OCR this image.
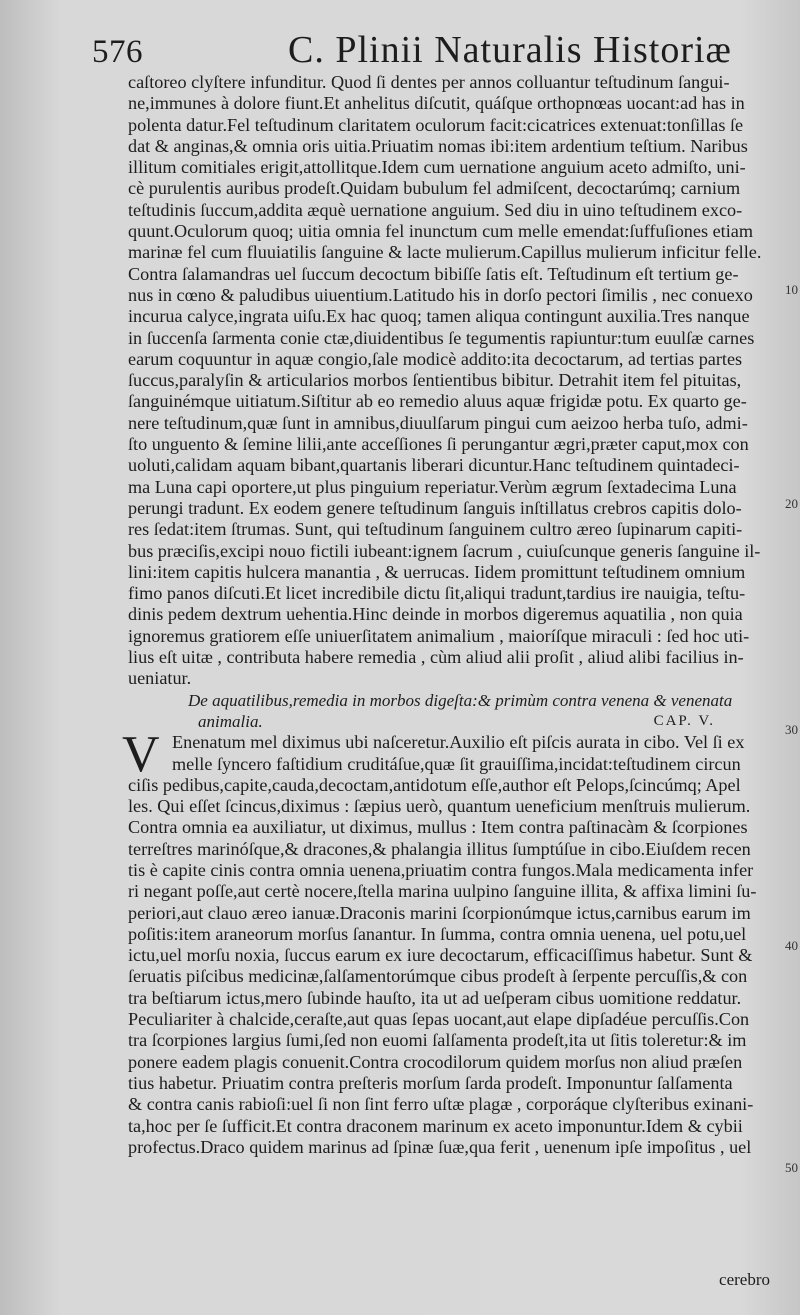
576	C. Plinii Naturalis Historiæ
caſtoreo clyſtere infunditur. Quod ſi dentes per annos colluantur teſtudinum ſangui-
ne,immunes à dolore fiunt.Et anhelitus diſcutit, quáſque orthopnœas uocant:ad has in
polenta datur.Fel teſtudinum claritatem oculorum facit:cicatrices extenuat:tonſillas ſe
dat & anginas,& omnia oris uitia.Priuatim nomas ibi:item ardentium teſtium. Naribus
illitum comitiales erigit,attollitque.Idem cum uernatione anguium aceto admiſto, uni-
cè purulentis auribus prodeſt.Quidam bubulum fel admiſcent, decoctarúmq; carnium
teſtudinis ſuccum,addita æquè uernatione anguium. Sed diu in uino teſtudinem exco-
quunt.Oculorum quoq; uitia omnia fel inunctum cum melle emendat:ſuffuſiones etiam
marinæ fel cum fluuiatilis ſanguine & lacte mulierum.Capillus mulierum inficitur felle.
Contra ſalamandras uel ſuccum decoctum bibiſſe ſatis eſt. Teſtudinum eſt tertium ge-
nus in cœno & paludibus uiuentium.Latitudo his in dorſo pectori ſimilis , nec conuexo
incurua calyce,ingrata uiſu.Ex hac quoq; tamen aliqua contingunt auxilia.Tres nanque
in ſuccenſa ſarmenta conie ctæ,diuidentibus ſe tegumentis rapiuntur:tum euulſæ carnes
earum coquuntur in aquæ congio,ſale modicè addito:ita decoctarum, ad tertias partes
ſuccus,paralyſin & articularios morbos ſentientibus bibitur. Detrahit item fel pituitas,
ſanguinémque uitiatum.Siſtitur ab eo remedio aluus aquæ frigidæ potu. Ex quarto ge-
nere teſtudinum,quæ ſunt in amnibus,diuulſarum pingui cum aeizoo herba tuſo, admi-
ſto unguento & ſemine lilii,ante acceſſiones ſi perungantur ægri,præter caput,mox con
uoluti,calidam aquam bibant,quartanis liberari dicuntur.Hanc teſtudinem quintadeci-
ma Luna capi oportere,ut plus pinguium reperiatur.Verùm ægrum ſextadecima Luna
perungi tradunt. Ex eodem genere teſtudinum ſanguis inſtillatus crebros capitis dolo-
res ſedat:item ſtrumas. Sunt, qui teſtudinum ſanguinem cultro æreo ſupinarum capiti-
bus præciſis,excipi nouo fictili iubeant:ignem ſacrum , cuiuſcunque generis ſanguine il-
lini:item capitis hulcera manantia , & uerrucas. Iidem promittunt teſtudinem omnium
fimo panos diſcuti.Et licet incredibile dictu ſit,aliqui tradunt,tardius ire nauigia, teſtu-
dinis pedem dextrum uehentia.Hinc deinde in morbos digeremus aquatilia , non quia
ignoremus gratiorem eſſe uniuerſitatem animalium , maioríſque miraculi : ſed hoc uti-
lius eſt uitæ , contributa habere remedia , cùm aliud alii proſit , aliud alibi facilius in-
ueniatur.
De aquatilibus,remedia in morbos digeſta:& primùm contra venena & venenata
animalia.	CAP. V.
V Enenatum mel diximus ubi naſceretur.Auxilio eſt piſcis aurata in cibo. Vel ſi ex
melle ſyncero faſtidium cruditáſue,quæ ſit grauiſſima,incidat:teſtudinem circun
ciſis pedibus,capite,cauda,decoctam,antidotum eſſe,author eſt Pelops,ſcincúmq; Apel
les. Qui eſſet ſcincus,diximus : ſæpius uerò, quantum ueneficium menſtruis mulierum.
Contra omnia ea auxiliatur, ut diximus, mullus : Item contra paſtinacàm & ſcorpiones
terreſtres marinóſque,& dracones,& phalangia illitus ſumptúſue in cibo.Eiuſdem recen
tis è capite cinis contra omnia uenena,priuatim contra fungos.Mala medicamenta infer
ri negant poſſe,aut certè nocere,ſtella marina uulpino ſanguine illita, & affixa limini ſu-
periori,aut clauo æreo ianuæ.Draconis marini ſcorpionúmque ictus,carnibus earum im
poſitis:item araneorum morſus ſanantur. In ſumma, contra omnia uenena, uel potu,uel
ictu,uel morſu noxia, ſuccus earum ex iure decoctarum, efficaciſſimus habetur. Sunt &
ſeruatis piſcibus medicinæ,ſalſamentorúmque cibus prodeſt à ſerpente percuſſis,& con
tra beſtiarum ictus,mero ſubinde hauſto, ita ut ad ueſperam cibus uomitione reddatur.
Peculiariter à chalcide,ceraſte,aut quas ſepas uocant,aut elape dipſadéue percuſſis.Con
tra ſcorpiones largius ſumi,ſed non euomi ſalſamenta prodeſt,ita ut ſitis toleretur:& im
ponere eadem plagis conuenit.Contra crocodilorum quidem morſus non aliud præſen
tius habetur. Priuatim contra preſteris morſum ſarda prodeſt. Imponuntur ſalſamenta
& contra canis rabioſi:uel ſi non ſint ferro uſtæ plagæ , corporáque clyſteribus exinani-
ta,hoc per ſe ſufficit.Et contra draconem marinum ex aceto imponuntur.Idem & cybii
profectus.Draco quidem marinus ad ſpinæ ſuæ,qua ferit , uenenum ipſe impoſitus , uel
10
20
30
40
50
cerebro
